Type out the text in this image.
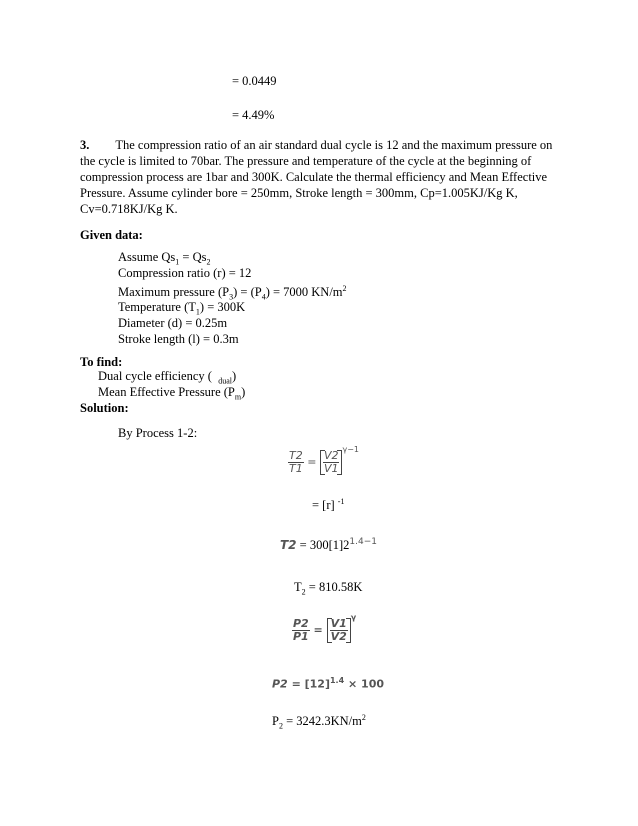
= 0.0449
= 4.49%
3. The compression ratio of an air standard dual cycle is 12 and the maximum pressure on the cycle is limited to 70bar. The pressure and temperature of the cycle at the beginning of compression process are 1bar and 300K. Calculate the thermal efficiency and Mean Effective Pressure. Assume cylinder bore = 250mm, Stroke length = 300mm, Cp=1.005KJ/Kg K, Cv=0.718KJ/Kg K.
Given data:
Assume $Qs_1 = Qs_2$
Compression ratio (r) = 12
Maximum pressure $(P_3) = (P_4) = 7000$ $KN/m^2$
Temperature $(T_1) = 300K$
Diameter (d) = 0.25m
Stroke length (l) = 0.3m
To find:
Dual cycle efficiency ( $_{dual}$)
Mean Effective Pressure $(P_m)$
Solution:
By Process 1-2:
$\frac{T2}{T1} = \frac{V2}{V1}$
$^{\gamma-1}$
= [r] $^{-1}$
$T2 = 300[1]2^{1.4-1}$
$T_2 = 810.58K$
$\frac{P2}{P1} = \frac{V1}{V2}$
$^\gamma$
$P2 = [12]^{1.4} \times 100$
$P_2 = 3242.3KN/m^2$
